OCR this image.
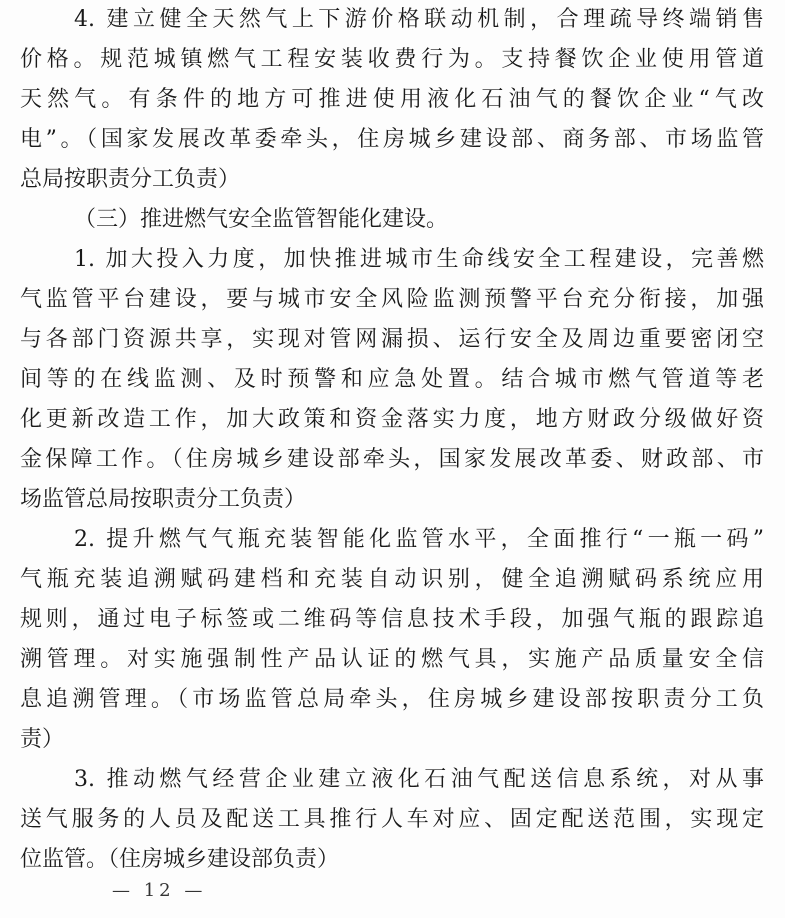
4. 建立健全天然气上下游价格联动机制，合理疏导终端销售
价格。规范城镇燃气工程安装收费行为。支持餐饮企业使用管道
天然气。有条件的地方可推进使用液化石油气的餐饮企业“气改
电”。（国家发展改革委牵头，住房城乡建设部、商务部、市场监管
总局按职责分工负责）
（三）推进燃气安全监管智能化建设。
1. 加大投入力度，加快推进城市生命线安全工程建设，完善燃
气监管平台建设，要与城市安全风险监测预警平台充分衔接，加强
与各部门资源共享，实现对管网漏损、运行安全及周边重要密闭空
间等的在线监测、及时预警和应急处置。结合城市燃气管道等老
化更新改造工作，加大政策和资金落实力度，地方财政分级做好资
金保障工作。（住房城乡建设部牵头，国家发展改革委、财政部、市
场监管总局按职责分工负责）
2. 提升燃气气瓶充装智能化监管水平，全面推行“一瓶一码”
气瓶充装追溯赋码建档和充装自动识别，健全追溯赋码系统应用
规则，通过电子标签或二维码等信息技术手段，加强气瓶的跟踪追
溯管理。对实施强制性产品认证的燃气具，实施产品质量安全信
息追溯管理。（市场监管总局牵头，住房城乡建设部按职责分工负
责）
3. 推动燃气经营企业建立液化石油气配送信息系统，对从事
送气服务的人员及配送工具推行人车对应、固定配送范围，实现定
位监管。（住房城乡建设部负责）
— 12 —
